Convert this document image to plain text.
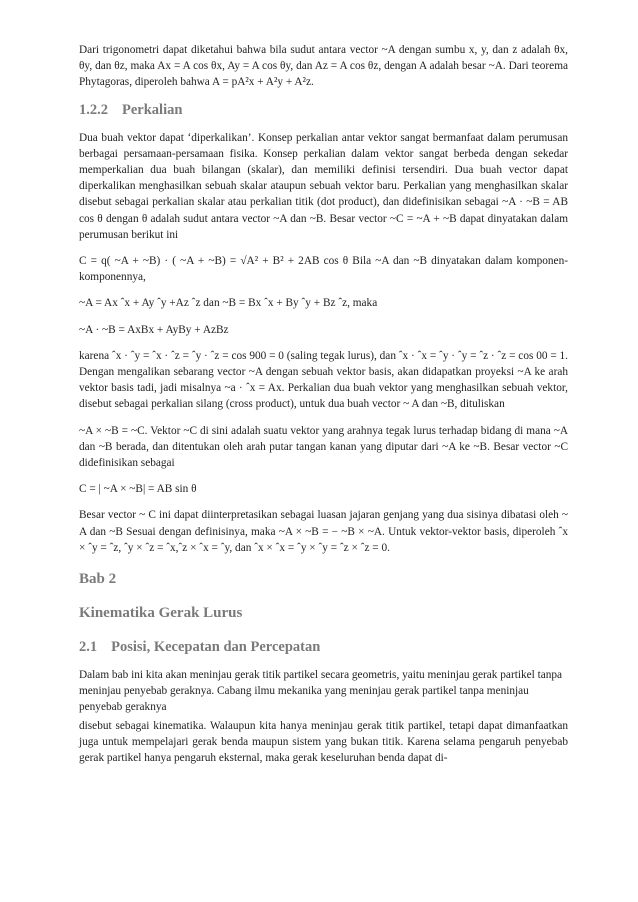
Dari trigonometri dapat diketahui bahwa bila sudut antara vector ~A dengan sumbu x, y, dan z adalah θx, θy, dan θz, maka Ax = A cos θx, Ay = A cos θy, dan Az = A cos θz, dengan A adalah besar ~A. Dari teorema Phytagoras, diperoleh bahwa A = pA²x + A²y + A²z.

1.2.2 Perkalian

Dua buah vektor dapat ‘diperkalikan’. Konsep perkalian antar vektor sangat bermanfaat dalam perumusan berbagai persamaan-persamaan fisika. Konsep perkalian dalam vektor sangat berbeda dengan sekedar memperkalian dua buah bilangan (skalar), dan memiliki definisi tersendiri. Dua buah vector dapat diperkalikan menghasilkan sebuah skalar ataupun sebuah vektor baru. Perkalian yang menghasilkan skalar disebut sebagai perkalian skalar atau perkalian titik (dot product), dan didefinisikan sebagai ~A · ~B = AB cos θ dengan θ adalah sudut antara vector ~A dan ~B. Besar vector ~C = ~A + ~B dapat dinyatakan dalam perumusan berikut ini

C = q( ~A + ~B) · ( ~A + ~B) = √A² + B² + 2AB cos θ Bila ~A dan ~B dinyatakan dalam komponen-komponennya,

~A = Ax ˆx + Ay ˆy +Az ˆz dan ~B = Bx ˆx + By ˆy + Bz ˆz, maka

~A · ~B = AxBx + AyBy + AzBz

karena ˆx · ˆy = ˆx · ˆz = ˆy · ˆz = cos 900 = 0 (saling tegak lurus), dan ˆx · ˆx = ˆy · ˆy = ˆz · ˆz = cos 00 = 1. Dengan mengalikan sebarang vector ~A dengan sebuah vektor basis, akan didapatkan proyeksi ~A ke arah vektor basis tadi, jadi misalnya ~a · ˆx = Ax. Perkalian dua buah vektor yang menghasilkan sebuah vektor, disebut sebagai perkalian silang (cross product), untuk dua buah vector ~ A dan ~B, dituliskan

~A × ~B = ~C. Vektor ~C di sini adalah suatu vektor yang arahnya tegak lurus terhadap bidang di mana ~A dan ~B berada, dan ditentukan oleh arah putar tangan kanan yang diputar dari ~A ke ~B. Besar vector ~C didefinisikan sebagai

C = | ~A × ~B| = AB sin θ

Besar vector ~ C ini dapat diinterpretasikan sebagai luasan jajaran genjang yang dua sisinya dibatasi oleh ~ A dan ~B Sesuai dengan definisinya, maka ~A × ~B = − ~B × ~A. Untuk vektor-vektor basis, diperoleh ˆx × ˆy = ˆz, ˆy × ˆz = ˆx,ˆz × ˆx = ˆy, dan ˆx × ˆx = ˆy × ˆy = ˆz × ˆz = 0.

Bab 2
Kinematika Gerak Lurus
2.1 Posisi, Kecepatan dan Percepatan

Dalam bab ini kita akan meninjau gerak titik partikel secara geometris, yaitu meninjau gerak partikel tanpa meninjau penyebab geraknya. Cabang ilmu mekanika yang meninjau gerak partikel tanpa meninjau penyebab geraknya

disebut sebagai kinematika. Walaupun kita hanya meninjau gerak titik partikel, tetapi dapat dimanfaatkan juga untuk mempelajari gerak benda maupun sistem yang bukan titik. Karena selama pengaruh penyebab gerak partikel hanya pengaruh eksternal, maka gerak keseluruhan benda dapat di-
